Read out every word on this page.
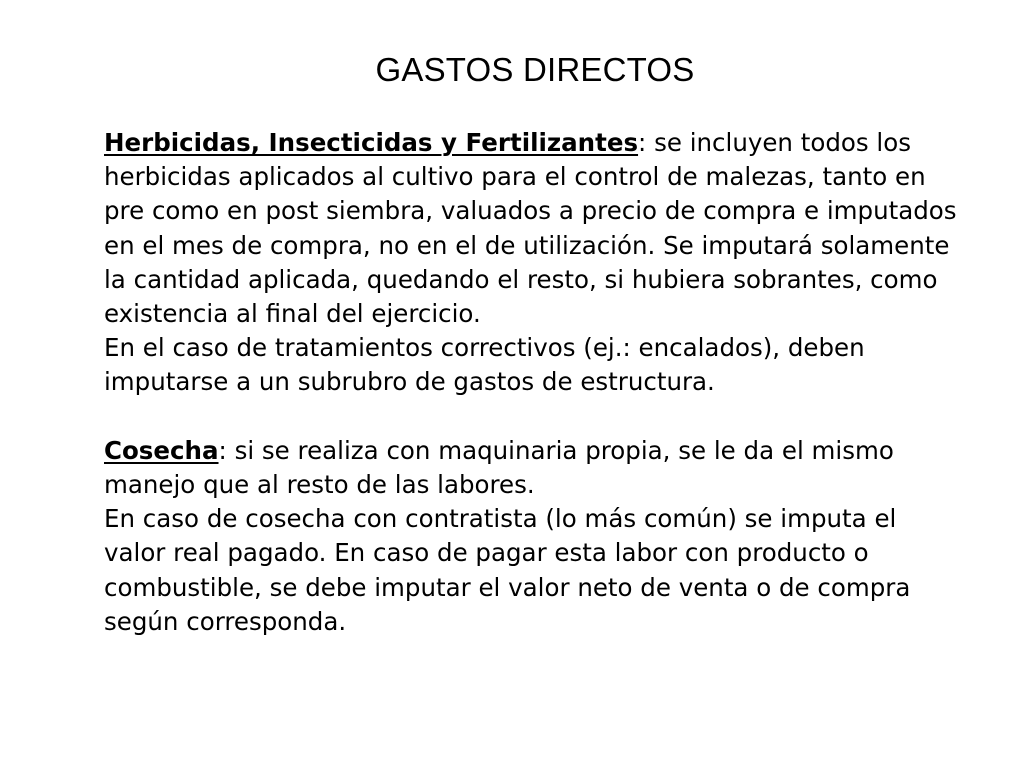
GASTOS DIRECTOS

Herbicidas, Insecticidas y Fertilizantes: se incluyen todos los herbicidas aplicados al cultivo para el control de malezas, tanto en pre como en post siembra, valuados a precio de compra e imputados en el mes de compra, no en el de utilización. Se imputará solamente la cantidad aplicada, quedando el resto, si hubiera sobrantes, como existencia al final del ejercicio.

En el caso de tratamientos correctivos (ej.: encalados), deben imputarse a un subrubro de gastos de estructura.

Cosecha: si se realiza con maquinaria propia, se le da el mismo manejo que al resto de las labores.

En caso de cosecha con contratista (lo más común) se imputa el valor real pagado. En caso de pagar esta labor con producto o combustible, se debe imputar el valor neto de venta o de compra según corresponda.
